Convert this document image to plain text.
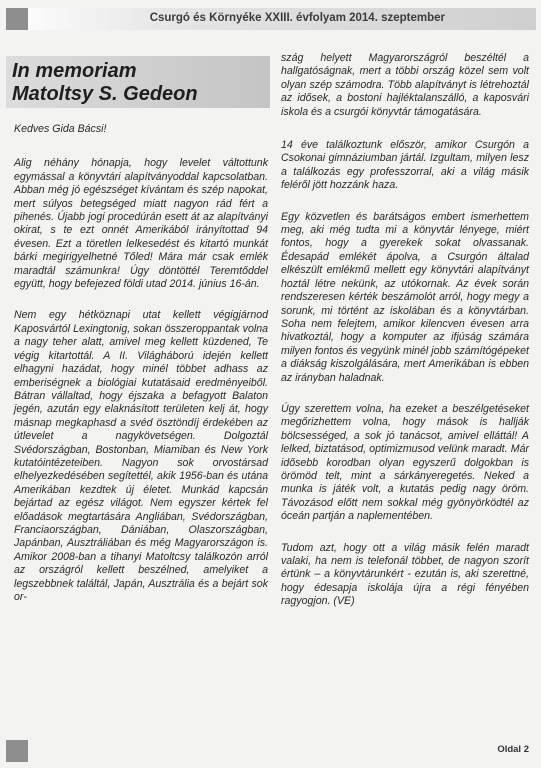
Csurgó és Környéke XXIII. évfolyam 2014. szeptember
In memoriam
Matoltsy S. Gedeon

Kedves Gida Bácsi!

Alig néhány hónapja, hogy levelet váltottunk egymással a könyvtári alapítványoddal kapcsolatban. Abban még jó egészséget kívántam és szép napokat, mert súlyos betegséged miatt nagyon rád fért a pihenés. Újabb jogi procedúrán esett át az alapítványi okirat, s te ezt onnét Amerikából irányítottad 94 évesen. Ezt a töretlen lelkesedést és kitartó munkát bárki megirigyelhetné Tőled! Mára már csak emlék maradtál számunkra! Úgy döntöttél Teremtőddel együtt, hogy befejezed földi utad 2014. június 16-án.

Nem egy hétköznapi utat kellett végigjárnod Kaposvártól Lexingtonig, sokan összeroppantak volna a nagy teher alatt, amivel meg kellett küzdened, Te végig kitartottál. A II. Világháború idején kellett elhagyni hazádat, hogy minél többet adhass az emberiségnek a biológiai kutatásaid eredményeiből. Bátran vállaltad, hogy éjszaka a befagyott Balaton jegén, azután egy elaknásított területen kelj át, hogy másnap megkaphasd a svéd ösztöndíj érdekében az útlevelet a nagykövetségen. Dolgoztál Svédországban, Bostonban, Miamiban és New York kutatóintézeteiben. Nagyon sok orvostársad elhelyezkedésében segítettél, akik 1956-ban és utána Amerikában kezdtek új életet. Munkád kapcsán bejártad az egész világot. Nem egyszer kértek fel előadások megtartására Angliában, Svédországban, Franciaországban, Dániában, Olaszországban, Japánban, Ausztráliában és még Magyarországon is. Amikor 2008-ban a tihanyi Matoltcsy találkozón arról az országról kellett beszélned, amelyiket a legszebbnek találtál, Japán, Ausztrália és a bejárt sok or-

szág helyett Magyarországról beszéltél a hallgatóságnak, mert a többi ország közel sem volt olyan szép számodra. Több alapítványt is létrehoztál az idősek, a bostoni hajléktalanszálló, a kaposvári iskola és a csurgói könyvtár támogatására.

14 éve találkoztunk először, amikor Csurgón a Csokonai gimnáziumban jártál. Izgultam, milyen lesz a találkozás egy professzorral, aki a világ másik feléről jött hozzánk haza.

Egy közvetlen és barátságos embert ismerhettem meg, aki még tudta mi a könyvtár lényege, miért fontos, hogy a gyerekek sokat olvassanak. Édesapád emlékét ápolva, a Csurgón általad elkészült emlékmű mellett egy könyvtári alapítványt hoztál létre nekünk, az utókornak. Az évek során rendszeresen kérték beszámolót arról, hogy megy a sorunk, mi történt az iskolában és a könyvtárban. Soha nem felejtem, amikor kilencven évesen arra hivatkoztál, hogy a komputer az ifjúság számára milyen fontos és vegyünk minél jobb számítógépeket a diákság kiszolgálására, mert Amerikában is ebben az irányban haladnak.

Úgy szerettem volna, ha ezeket a beszélgetéseket megőrizhettem volna, hogy mások is hallják bölcsességed, a sok jó tanácsot, amivel elláttál! A lelked, biztatásod, optimizmusod velünk maradt. Már idősebb korodban olyan egyszerű dolgokban is örömöd telt, mint a sárkányeregetés. Neked a munka is játék volt, a kutatás pedig nagy öröm. Távozásod előtt nem sokkal még gyönyörködtél az óceán partján a naplementében.

Tudom azt, hogy ott a világ másik felén maradt valaki, ha nem is telefonál többet, de nagyon szorít értünk – a könyvtárunkért - ezután is, aki szerettné, hogy édesapja iskolája újra a régi fényében ragyogjon. (VE)

Oldal 2
